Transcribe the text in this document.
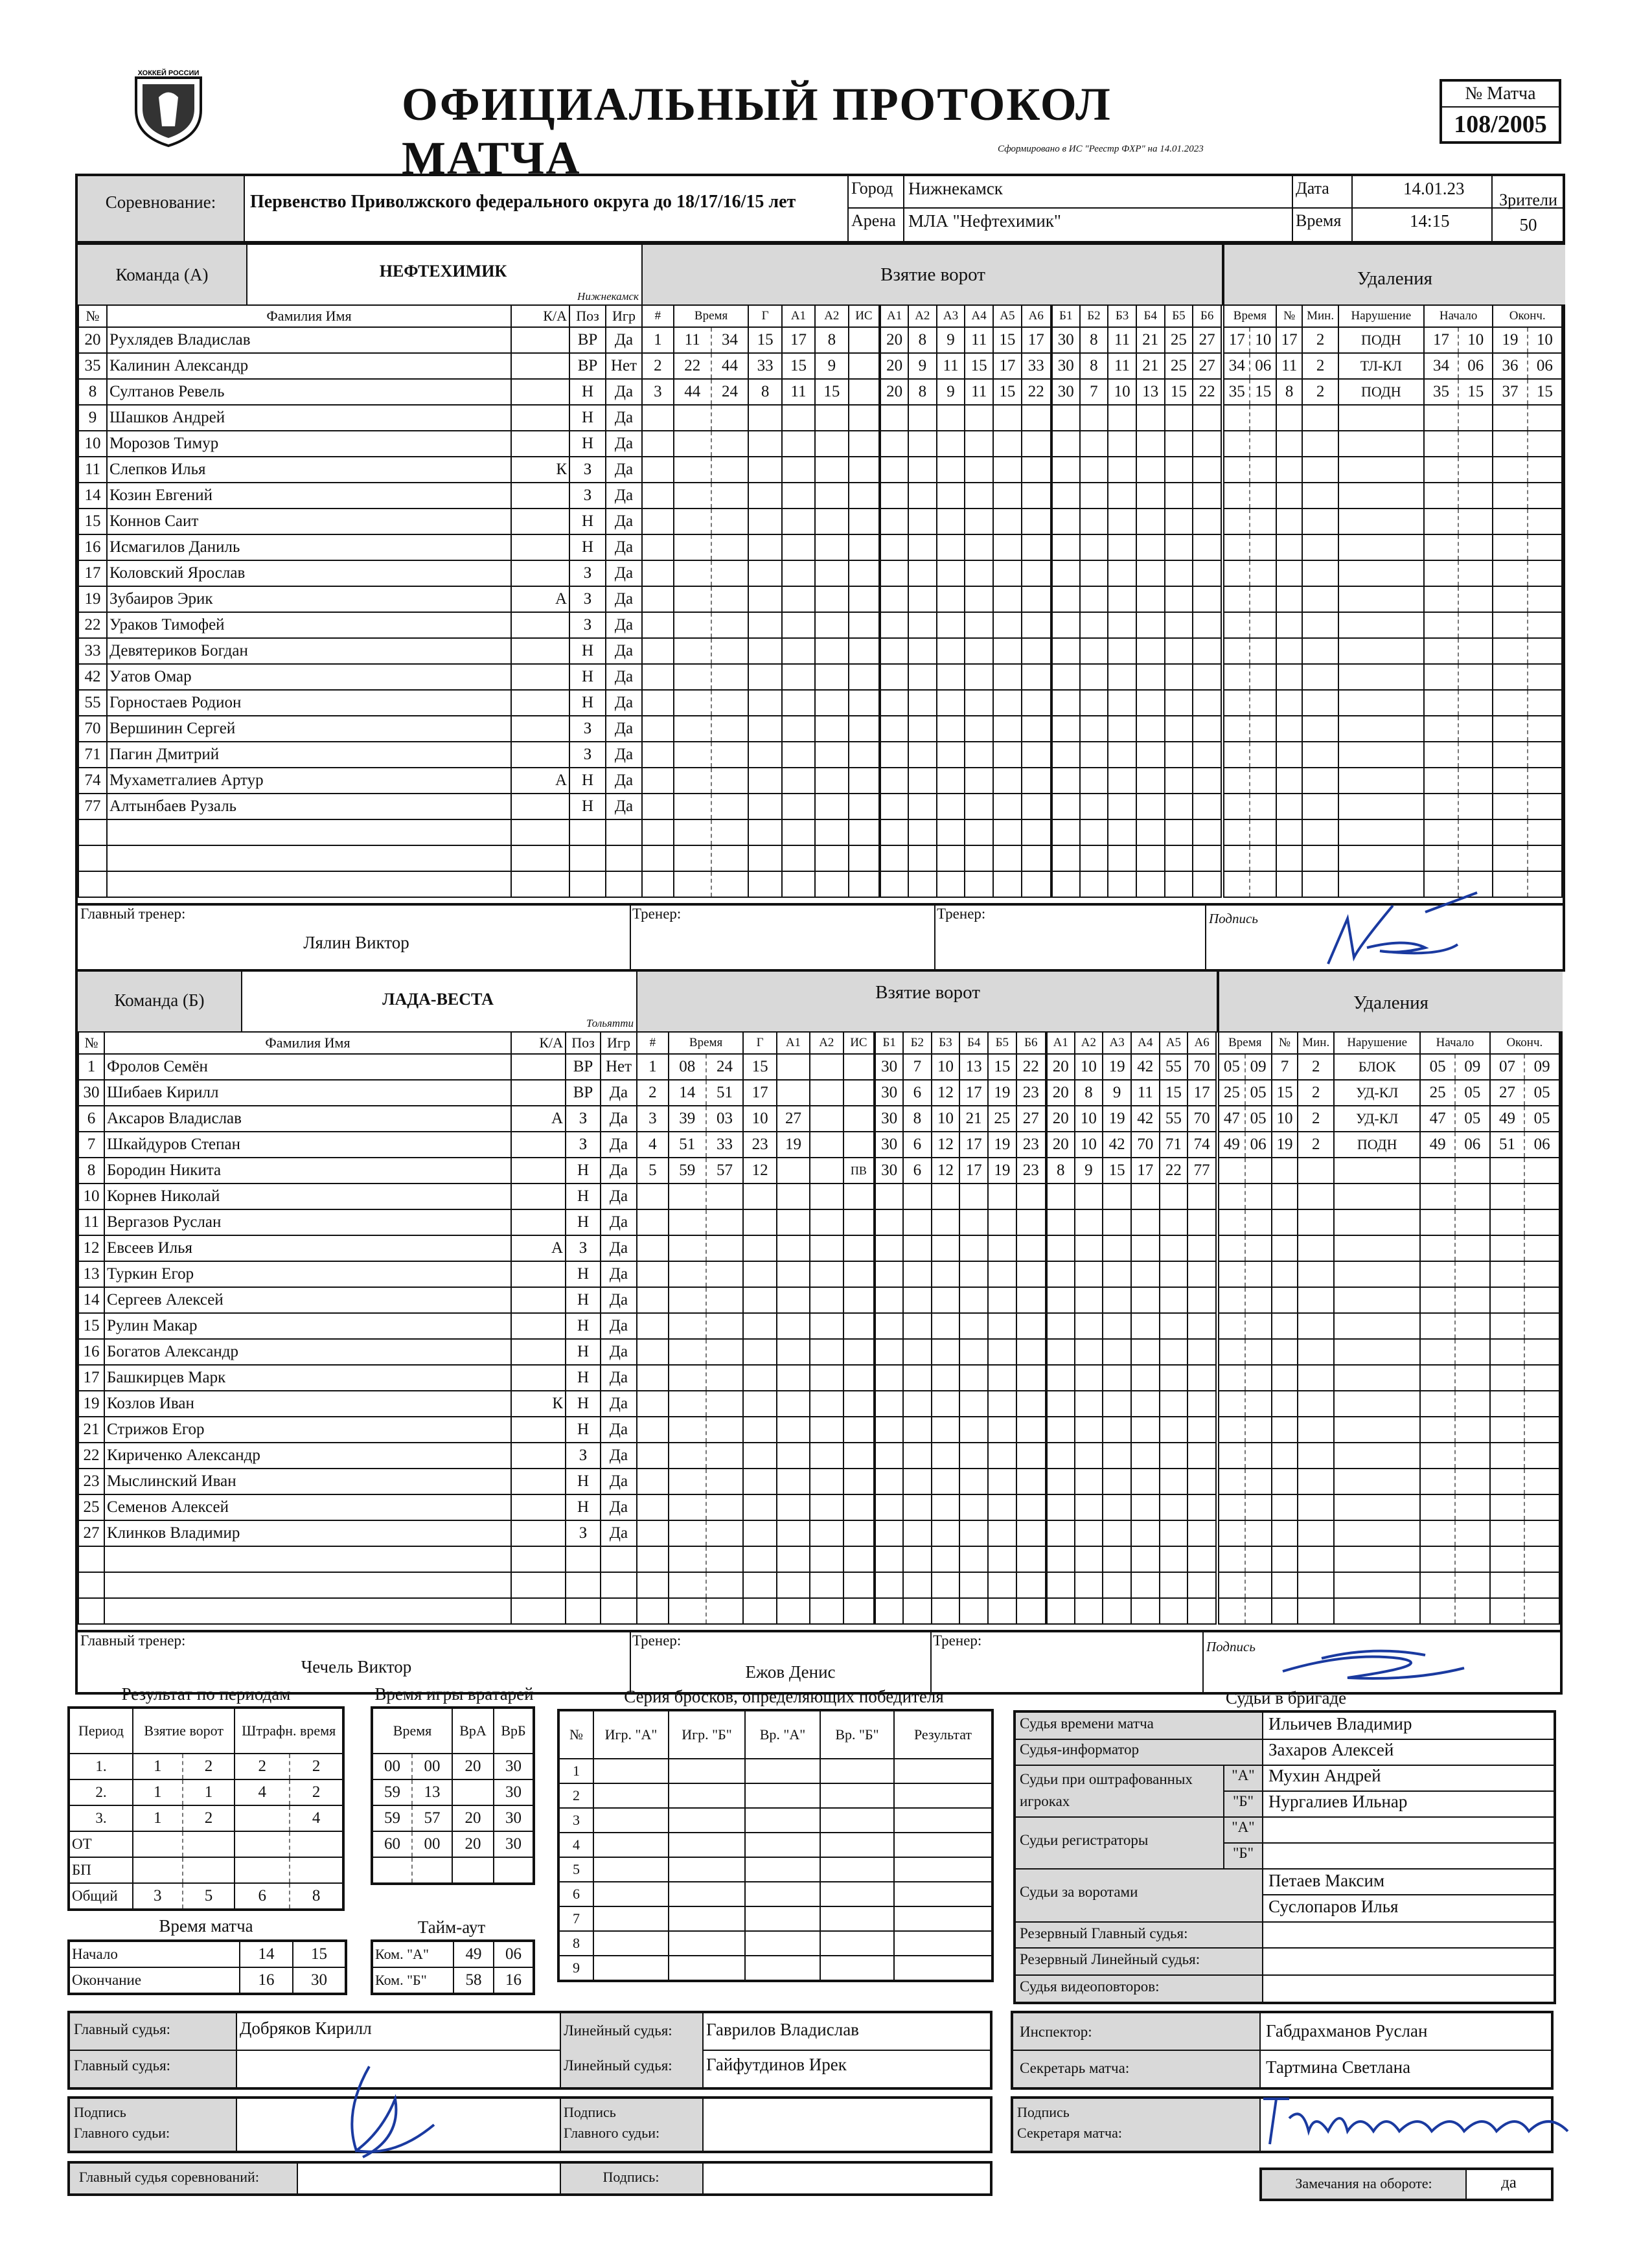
ХОККЕЙ РОССИИ
ОФИЦИАЛЬНЫЙ ПРОТОКОЛ МАТЧА	Сформировано в ИС "Реестр ФХР" на 14.01.2023
№ Матча
108/2005
Соревнование:	Первенство Приволжского федерального округа до 18/17/16/15 лет
Город Нижнекамск
Арена МЛА "Нефтехимик"
Дата	14.01.23
Время	14:15
Зрители
50
Команда (А)	НЕФТЕХИМИК
Нижнекамск
Взятие ворот	Удаления
№	Фамилия Имя	К/А	Поз	Игр
20	Рухлядев Владислав		ВР	Да
35	Калинин Александр		ВР	Нет
8	Султанов Ревель		Н	Да
9	Шашков Андрей		Н	Да
10	Морозов Тимур		Н	Да
11	Слепков Илья	К	З	Да
14	Козин Евгений		З	Да
15	Коннов Саит		Н	Да
16	Исмагилов Даниль		Н	Да
17	Коловский Ярослав		З	Да
19	Зубаиров Эрик	А	З	Да
22	Ураков Тимофей		З	Да
33	Девятериков Богдан		Н	Да
42	Уатов Омар		Н	Да
55	Горностаев Родион		Н	Да
70	Вершинин Сергей		З	Да
71	Пагин Дмитрий		З	Да
74	Мухаметгалиев Артур	А	Н	Да
77	Алтынбаев Рузаль		Н	Да

#	Время		Г	А1	А2	ИС	А1	А2	А3	А4	А5	А6	Б1	Б2	Б3	Б4	Б5	Б6
1	11	34	15	17	8		20	8	9	11	15	17	30	8	11	21	25	27
2	22	44	33	15	9		20	9	11	15	17	33	30	8	11	21	25	27
3	44	24	8	11	15		20	8	9	11	15	22	30	7	10	13	15	22

Время		№	Мин.	Нарушение	Начало		Оконч.	
17	10	17	2	ПОДН	17	10	19	10
34	06	11	2	ТЛ-КЛ	34	06	36	06
35	15	8	2	ПОДН	35	15	37	15

Главный тренер:
Лялин Виктор
Тренер:	Тренер:	Подпись
Команда (Б)	ЛАДА-ВЕСТА
Тольятти
Взятие ворот	Удаления
№	Фамилия Имя	К/А	Поз	Игр
1	Фролов Семён		ВР	Нет
30	Шибаев Кирилл		ВР	Да
6	Аксаров Владислав	А	З	Да
7	Шкайдуров Степан		З	Да
8	Бородин Никита		Н	Да
10	Корнев Николай		Н	Да
11	Вергазов Руслан		Н	Да
12	Евсеев Илья	А	З	Да
13	Туркин Егор		Н	Да
14	Сергеев Алексей		Н	Да
15	Рулин Макар		Н	Да
16	Богатов Александр		Н	Да
17	Башкирцев Марк		Н	Да
19	Козлов Иван	К	Н	Да
21	Стрижов Егор		Н	Да
22	Кириченко Александр		З	Да
23	Мыслинский Иван		Н	Да
25	Семенов Алексей		Н	Да
27	Клинков Владимир		З	Да

#	Время		Г	А1	А2	ИС	Б1	Б2	Б3	Б4	Б5	Б6	А1	А2	А3	А4	А5	А6
1	08	24	15				30	7	10	13	15	22	20	10	19	42	55	70
2	14	51	17				30	6	12	17	19	23	20	8	9	11	15	17
3	39	03	10	27			30	8	10	21	25	27	20	10	19	42	55	70
4	51	33	23	19			30	6	12	17	19	23	20	10	42	70	71	74
5	59	57	12			ПВ	30	6	12	17	19	23	8	9	15	17	22	77

Время		№	Мин.	Нарушение	Начало		Оконч.	
05	09	7	2	БЛОК	05	09	07	09
25	05	15	2	УД-КЛ	25	05	27	05
47	05	10	2	УД-КЛ	47	05	49	05
49	06	19	2	ПОДН	49	06	51	06

Главный тренер:
Чечель Виктор
Тренер:
Ежов Денис
Тренер:	Подпись
Результат по периодам
Период	Взятие ворот		Штрафн. время	
1.	1	2	2	2
2.	1	1	4	2
3.	1	2		4
ОТ				
БП				
Общий	3	5	6	8
Время матча
Начало	14	15
Окончание	16	30
Время игры вратарей
Время		ВрА	ВрБ
00	00	20	30
59	13		30
59	57	20	30
60	00	20	30

Тайм-аут
Ком. "А"	49	06
Ком. "Б"	58	16
Серия бросков, определяющих победителя
№	Игр. "А"	Игр. "Б"	Вр. "А"	Вр. "Б"	Результат
1					
2					
3					
4					
5					
6					
7					
8					
9					
Судьи в бригаде
Судья времени матча	Ильичев Владимир
Судья-информатор	Захаров Алексей
Судьи при оштрафованных игроках
"А" Мухин Андрей
"Б" Нургалиев Ильнар
Судьи регистраторы
"А"
"Б"
Судьи за воротами
Петаев Максим
Суслопаров Илья
Резервный Главный судья:
Резервный Линейный судья:
Судья видеоповторов:
Главный судья:	Добряков Кирилл
Главный судья:
Линейный судья: Гаврилов Владислав
Линейный судья: Гайфутдинов Ирек
Инспектор:	Габдрахманов Руслан
Секретарь матча:	Тартмина Светлана
Подпись
Главного судьи:
Подпись
Главного судьи:
Подпись
Секретаря матча:
Главный судья соревнований:	Подпись:	Замечания на обороте:	да
